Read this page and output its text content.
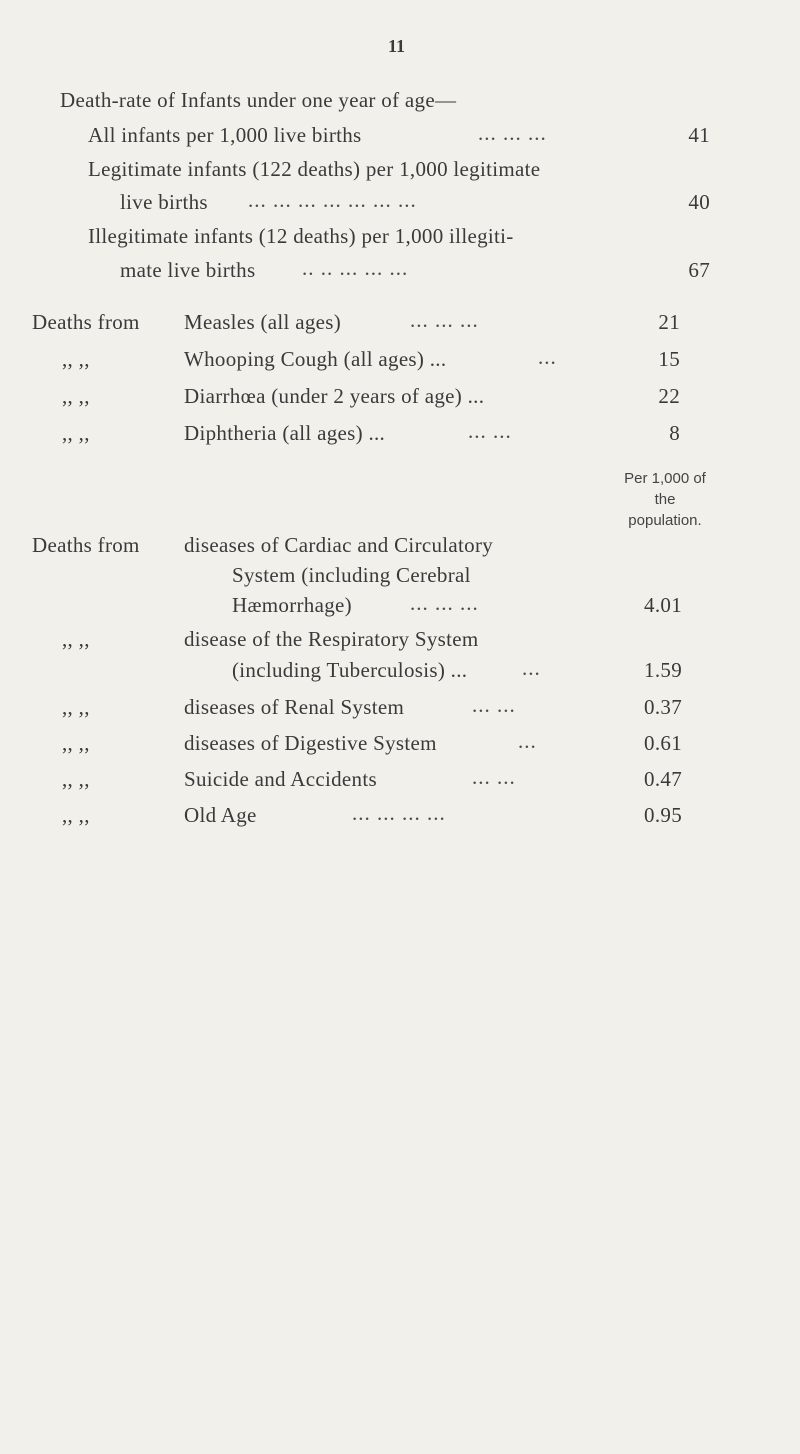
11
Death-rate of Infants under one year of age—
All infants per 1,000 live births	... ... ...	41
Legitimate infants (122 deaths) per 1,000 legitimate
live births ... ... ... ... ... ... ...	40
Illegitimate infants (12 deaths) per 1,000 illegiti-
mate live births .. .. ... ... ...	67
Deaths from Measles (all ages)	... ... ...	21
,, ,,	Whooping Cough (all ages) ...	...	15
,, ,,	Diarrhœa (under 2 years of age) ...	22
,, ,,	Diphtheria (all ages) ...	... ...	8
Per 1,000 of
the
population.
Deaths from diseases of Cardiac and Circulatory
System (including Cerebral
Hæmorrhage)	... ... ...	4.01
,, ,,	disease of the Respiratory System
(including Tuberculosis) ...	...	1.59
,, ,,	diseases of Renal System	... ...	0.37
,, ,,	diseases of Digestive System	...	0.61
,, ,,	Suicide and Accidents	... ...	0.47
,, ,,	Old Age	... ... ... ...	0.95
